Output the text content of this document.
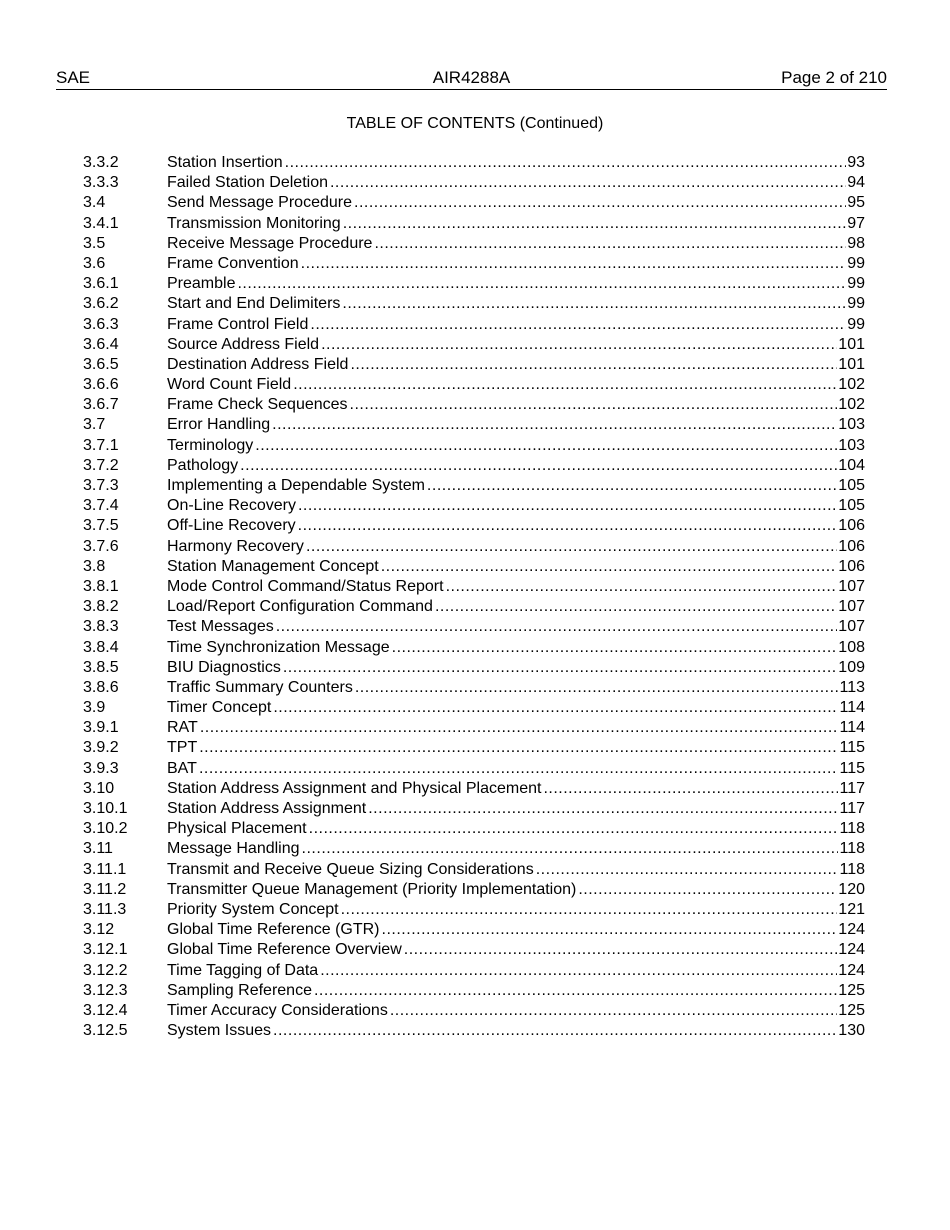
SAE	AIR4288A	Page 2 of 210
TABLE OF CONTENTS (Continued)
3.3.2	Station Insertion .....	93
3.3.3	Failed Station Deletion .....	94
3.4	Send Message Procedure .....	95
3.4.1	Transmission Monitoring .....	97
3.5	Receive Message Procedure .....	98
3.6	Frame Convention .....	99
3.6.1	Preamble .....	99
3.6.2	Start and End Delimiters .....	99
3.6.3	Frame Control Field .....	99
3.6.4	Source Address Field .....	101
3.6.5	Destination Address Field .....	101
3.6.6	Word Count Field .....	102
3.6.7	Frame Check Sequences .....	102
3.7	Error Handling .....	103
3.7.1	Terminology .....	103
3.7.2	Pathology .....	104
3.7.3	Implementing a Dependable System .....	105
3.7.4	On-Line Recovery .....	105
3.7.5	Off-Line Recovery .....	106
3.7.6	Harmony Recovery .....	106
3.8	Station Management Concept .....	106
3.8.1	Mode Control Command/Status Report .....	107
3.8.2	Load/Report Configuration Command .....	107
3.8.3	Test Messages .....	107
3.8.4	Time Synchronization Message .....	108
3.8.5	BIU Diagnostics .....	109
3.8.6	Traffic Summary Counters .....	113
3.9	Timer Concept .....	114
3.9.1	RAT .....	114
3.9.2	TPT .....	115
3.9.3	BAT .....	115
3.10	Station Address Assignment and Physical Placement .....	117
3.10.1	Station Address Assignment .....	117
3.10.2	Physical Placement .....	118
3.11	Message Handling .....	118
3.11.1	Transmit and Receive Queue Sizing Considerations .....	118
3.11.2	Transmitter Queue Management (Priority Implementation) .....	120
3.11.3	Priority System Concept .....	121
3.12	Global Time Reference (GTR) .....	124
3.12.1	Global Time Reference Overview .....	124
3.12.2	Time Tagging of Data .....	124
3.12.3	Sampling Reference .....	125
3.12.4	Timer Accuracy Considerations .....	125
3.12.5	System Issues .....	130
